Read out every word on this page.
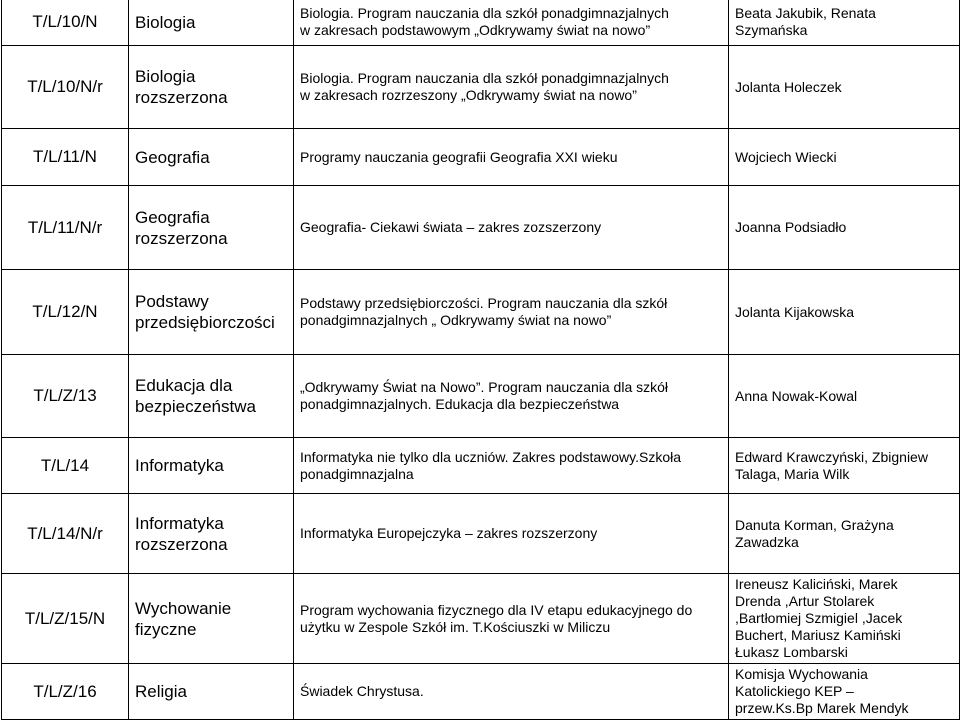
T/L/10/N	Biologia	Biologia. Program nauczania dla szkół ponadgimnazjalnych
w zakresach podstawowym „Odkrywamy świat na nowo”	Beata Jakubik, Renata
Szymańska

T/L/10/N/r	Biologia
rozszerzona	Biologia. Program nauczania dla szkół ponadgimnazjalnych
w zakresach rozrzeszony „Odkrywamy świat na nowo”	Jolanta Holeczek

T/L/11/N	Geografia	Programy nauczania geografii Geografia XXI wieku	Wojciech Wiecki

T/L/11/N/r	Geografia
rozszerzona	Geografia- Ciekawi świata – zakres zozszerzony	Joanna Podsiadło

T/L/12/N	Podstawy
przedsiębiorczości	Podstawy przedsiębiorczości. Program nauczania dla szkół
ponadgimnazjalnych „ Odkrywamy świat na nowo”	Jolanta Kijakowska

T/L/Z/13	Edukacja dla
bezpieczeństwa	„Odkrywamy Świat na Nowo”. Program nauczania dla szkół
ponadgimnazjalnych. Edukacja dla bezpieczeństwa	Anna Nowak-Kowal

T/L/14	Informatyka	Informatyka nie tylko dla uczniów. Zakres podstawowy.Szkoła
ponadgimnazjalna	Edward Krawczyński, Zbigniew
Talaga, Maria Wilk

T/L/14/N/r	Informatyka
rozszerzona	Informatyka Europejczyka – zakres rozszerzony	Danuta Korman, Grażyna
Zawadzka

T/L/Z/15/N	Wychowanie
fizyczne	Program wychowania fizycznego dla IV etapu edukacyjnego do
użytku w Zespole Szkół im. T.Kościuszki w Miliczu	Ireneusz Kaliciński, Marek
Drenda ,Artur Stolarek
,Bartłomiej Szmigiel ,Jacek
Buchert, Mariusz Kamiński
Łukasz Lombarski

T/L/Z/16	Religia	Świadek Chrystusa.	Komisja Wychowania
Katolickiego KEP –
przew.Ks.Bp Marek Mendyk
